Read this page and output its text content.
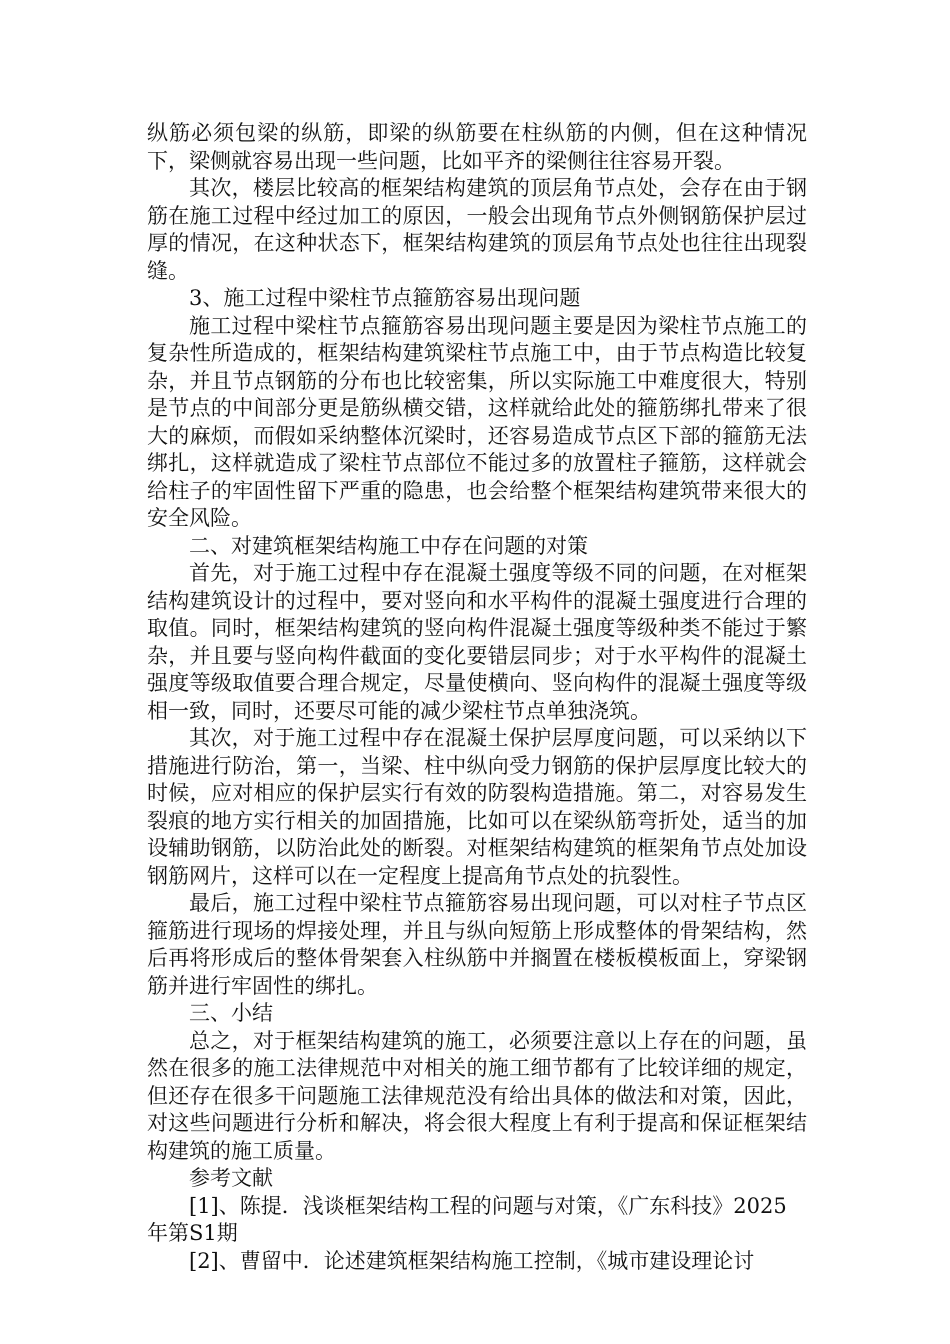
纵筋必须包梁的纵筋，即梁的纵筋要在柱纵筋的内侧，但在这种情况下，梁侧就容易出现一些问题，比如平齐的梁侧往往容易开裂。

其次，楼层比较高的框架结构建筑的顶层角节点处，会存在由于钢筋在施工过程中经过加工的原因，一般会出现角节点外侧钢筋保护层过厚的情况，在这种状态下，框架结构建筑的顶层角节点处也往往出现裂缝。

3、施工过程中梁柱节点箍筋容易出现问题

施工过程中梁柱节点箍筋容易出现问题主要是因为梁柱节点施工的复杂性所造成的，框架结构建筑梁柱节点施工中，由于节点构造比较复杂，并且节点钢筋的分布也比较密集，所以实际施工中难度很大，特别是节点的中间部分更是筋纵横交错，这样就给此处的箍筋绑扎带来了很大的麻烦，而假如采纳整体沉梁时，还容易造成节点区下部的箍筋无法绑扎，这样就造成了梁柱节点部位不能过多的放置柱子箍筋，这样就会给柱子的牢固性留下严重的隐患，也会给整个框架结构建筑带来很大的安全风险。

二、对建筑框架结构施工中存在问题的对策

首先，对于施工过程中存在混凝土强度等级不同的问题，在对框架结构建筑设计的过程中，要对竖向和水平构件的混凝土强度进行合理的取值。同时，框架结构建筑的竖向构件混凝土强度等级种类不能过于繁杂，并且要与竖向构件截面的变化要错层同步；对于水平构件的混凝土强度等级取值要合理合规定，尽量使横向、竖向构件的混凝土强度等级相一致，同时，还要尽可能的减少梁柱节点单独浇筑。

其次，对于施工过程中存在混凝土保护层厚度问题，可以采纳以下措施进行防治，第一，当梁、柱中纵向受力钢筋的保护层厚度比较大的时候，应对相应的保护层实行有效的防裂构造措施。第二，对容易发生裂痕的地方实行相关的加固措施，比如可以在梁纵筋弯折处，适当的加设辅助钢筋，以防治此处的断裂。对框架结构建筑的框架角节点处加设钢筋网片，这样可以在一定程度上提高角节点处的抗裂性。

最后，施工过程中梁柱节点箍筋容易出现问题，可以对柱子节点区箍筋进行现场的焊接处理，并且与纵向短筋上形成整体的骨架结构，然后再将形成后的整体骨架套入柱纵筋中并搁置在楼板模板面上，穿梁钢筋并进行牢固性的绑扎。

三、小结

总之，对于框架结构建筑的施工，必须要注意以上存在的问题，虽然在很多的施工法律规范中对相关的施工细节都有了比较详细的规定，但还存在很多干问题施工法律规范没有给出具体的做法和对策，因此，对这些问题进行分析和解决，将会很大程度上有利于提高和保证框架结构建筑的施工质量。

参考文献

[1]、陈提．浅谈框架结构工程的问题与对策，《广东科技》2025年第S1期

[2]、曹留中．论述建筑框架结构施工控制，《城市建设理论讨
